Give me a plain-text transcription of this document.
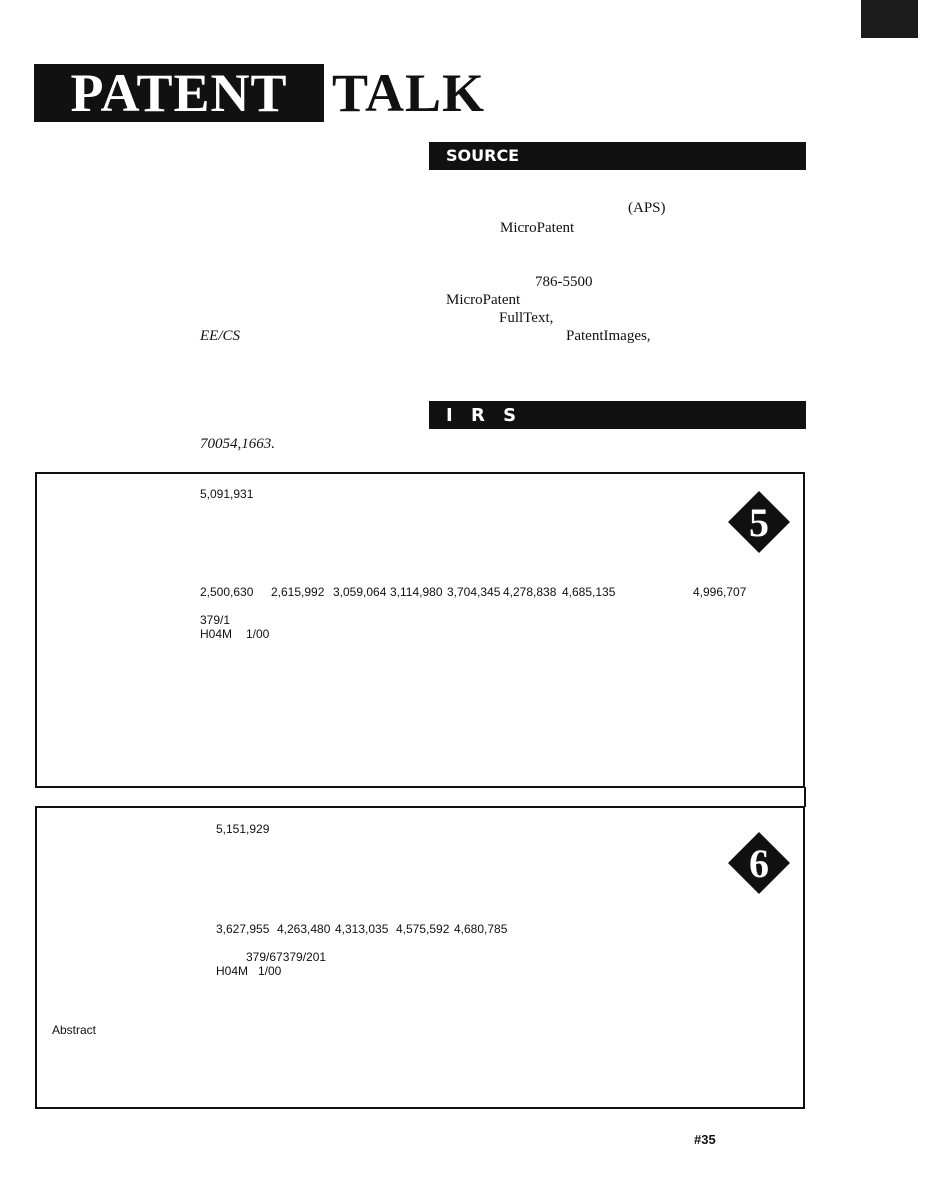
PATENT TALK
SOURCE
(APS)
MicroPatent
786-5500
MicroPatent
FullText,
PatentImages,
EE/CS
70054,1663.
I R S
5
5,091,931
2,500,630 2,615,992 3,059,064 3,114,980 3,704,345 4,278,838 4,685,135	4,996,707
379/1
H04M 1/00
6
5,151,929
3,627,955 4,263,480 4,313,035 4,575,592 4,680,785
379/67379/201
H04M 1/00
Abstract
#35
